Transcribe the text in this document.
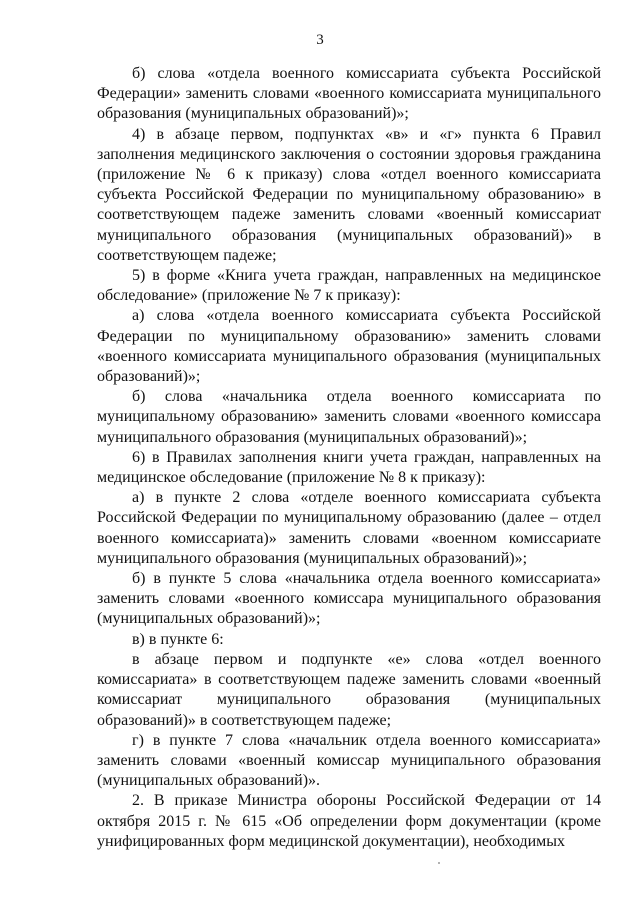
3

б) слова «отдела военного комиссариата субъекта Российской Федерации» заменить словами «военного комиссариата муниципального образования (муниципальных образований)»;

4) в абзаце первом, подпунктах «в» и «г» пункта 6 Правил заполнения медицинского заключения о состоянии здоровья гражданина (приложение № 6 к приказу) слова «отдел военного комиссариата субъекта Российской Федерации по муниципальному образованию» в соответствующем падеже заменить словами «военный комиссариат муниципального образования (муниципальных образований)» в соответствующем падеже;

5) в форме «Книга учета граждан, направленных на медицинское обследование» (приложение № 7 к приказу):

а) слова «отдела военного комиссариата субъекта Российской Федерации по муниципальному образованию» заменить словами «военного комиссариата муниципального образования (муниципальных образований)»;

б) слова «начальника отдела военного комиссариата по муниципальному образованию» заменить словами «военного комиссара муниципального образования (муниципальных образований)»;

6) в Правилах заполнения книги учета граждан, направленных на медицинское обследование (приложение № 8 к приказу):

а) в пункте 2 слова «отделе военного комиссариата субъекта Российской Федерации по муниципальному образованию (далее – отдел военного комиссариата)» заменить словами «военном комиссариате муниципального образования (муниципальных образований)»;

б) в пункте 5 слова «начальника отдела военного комиссариата» заменить словами «военного комиссара муниципального образования (муниципальных образований)»;

в) в пункте 6:

в абзаце первом и подпункте «е» слова «отдел военного комиссариата» в соответствующем падеже заменить словами «военный комиссариат муниципального образования (муниципальных образований)» в соответствующем падеже;

г) в пункте 7 слова «начальник отдела военного комиссариата» заменить словами «военный комиссар муниципального образования (муниципальных образований)».

2. В приказе Министра обороны Российской Федерации от 14 октября 2015 г. № 615 «Об определении форм документации (кроме унифицированных форм медицинской документации), необходимых
